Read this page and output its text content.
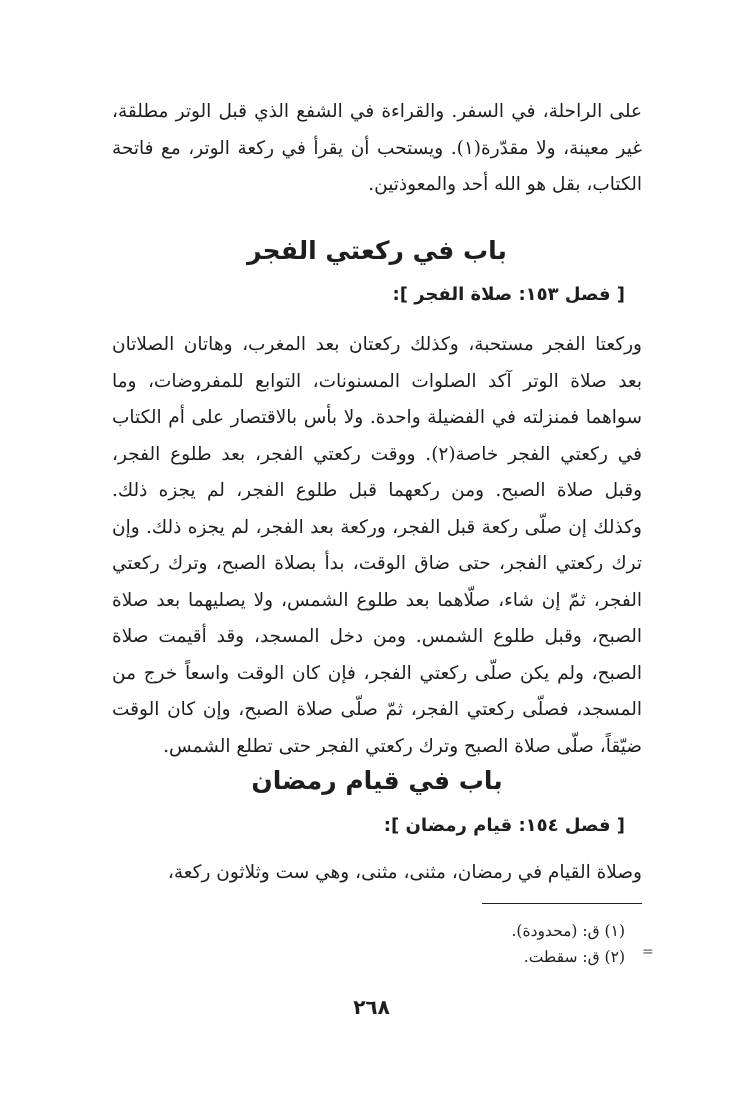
على الراحلة، في السفر. والقراءة في الشفع الذي قبل الوتر مطلقة، غير معينة، ولا مقدّرة(١). ويستحب أن يقرأ في ركعة الوتر، مع فاتحة الكتاب، بقل هو الله أحد والمعوذتين.

باب في ركعتي الفجر
[ فصل ١٥٣: صلاة الفجر ]:

وركعتا الفجر مستحبة، وكذلك ركعتان بعد المغرب، وهاتان الصلاتان بعد صلاة الوتر آكد الصلوات المسنونات، التوابع للمفروضات، وما سواهما فمنزلته في الفضيلة واحدة. ولا بأس بالاقتصار على أم الكتاب في ركعتي الفجر خاصة(٢). ووقت ركعتي الفجر، بعد طلوع الفجر، وقبل صلاة الصبح. ومن ركعهما قبل طلوع الفجر، لم يجزه ذلك. وكذلك إن صلّى ركعة قبل الفجر، وركعة بعد الفجر، لم يجزه ذلك. وإن ترك ركعتي الفجر، حتى ضاق الوقت، بدأ بصلاة الصبح، وترك ركعتي الفجر، ثمّ إن شاء، صلّاهما بعد طلوع الشمس، ولا يصليهما بعد صلاة الصبح، وقبل طلوع الشمس. ومن دخل المسجد، وقد أقيمت صلاة الصبح، ولم يكن صلّى ركعتي الفجر، فإن كان الوقت واسعاً خرج من المسجد، فصلّى ركعتي الفجر، ثمّ صلّى صلاة الصبح، وإن كان الوقت ضيّقاً، صلّى صلاة الصبح وترك ركعتي الفجر حتى تطلع الشمس.

باب في قيام رمضان
[ فصل ١٥٤: قيام رمضان ]:

وصلاة القيام في رمضان، مثنى، مثنى، وهي ست وثلاثون ركعة،

(١) ق: (محدودة).
(٢) ق: سقطت. =
٢٦٨
